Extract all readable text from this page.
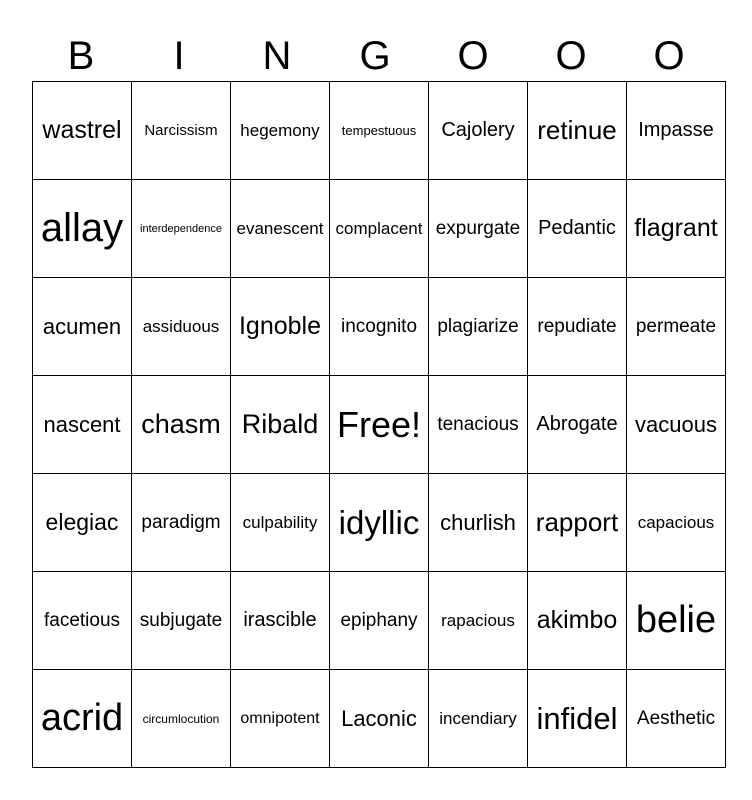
B	I	N	G	O	O	O
wastrel	Narcissism	hegemony	tempestuous	Cajolery	retinue	Impasse
allay	interdependence	evanescent	complacent	expurgate	Pedantic	flagrant
acumen	assiduous	Ignoble	incognito	plagiarize	repudiate	permeate
nascent	chasm	Ribald	Free!	tenacious	Abrogate	vacuous
elegiac	paradigm	culpability	idyllic	churlish	rapport	capacious
facetious	subjugate	irascible	epiphany	rapacious	akimbo	belie
acrid	circumlocution	omnipotent	Laconic	incendiary	infidel	Aesthetic
